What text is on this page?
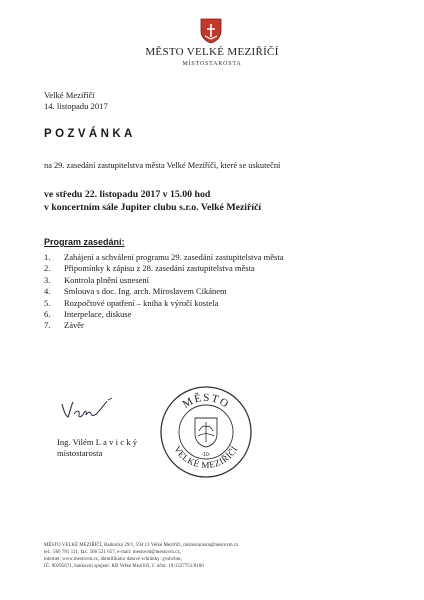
MĚSTO VELKÉ MEZIŘÍČÍ
MÍSTOSTAROSTA
Velké Meziříčí
14. listopadu 2017
POZVÁNKA
na 29. zasedání zastupitelstva města Velké Meziříčí, které se uskuteční
ve středu 22. listopadu 2017 v 15.00 hod
v koncertním sále Jupiter clubu s.r.o. Velké Meziříčí
Program zasedání:
1. Zahájení a schválení programu 29. zasedání zastupitelstva města
2. Připomínky k zápisu z 28. zasedání zastupitelstva města
3. Kontrola plnění usnesení
4. Smlouva s doc. Ing. arch. Miroslavem Cikánem
5. Rozpočtové opatření – kniha k výročí kostela
6. Interpelace, diskuse
7. Závěr
Ing. Vilém Lavický
místostarosta
MĚSTO
VELKÉ MEZIŘÍČÍ
-10-
MĚSTO VELKÉ MEZIŘÍČÍ, Radnická 29/1, 594 13 Velké Meziříčí, místostarosta@mestovm.cz
tel.: 566 781 111, fax: 566 521 657, e-mail: mestovm@mestovm.cz,
internet: www.mestovm.cz, identifikátor datové schránky: gvshvbm,
IČ: 00295671, bankovní spojení: KB Velké Meziříčí, č. účtu: 19-1227751/0100
